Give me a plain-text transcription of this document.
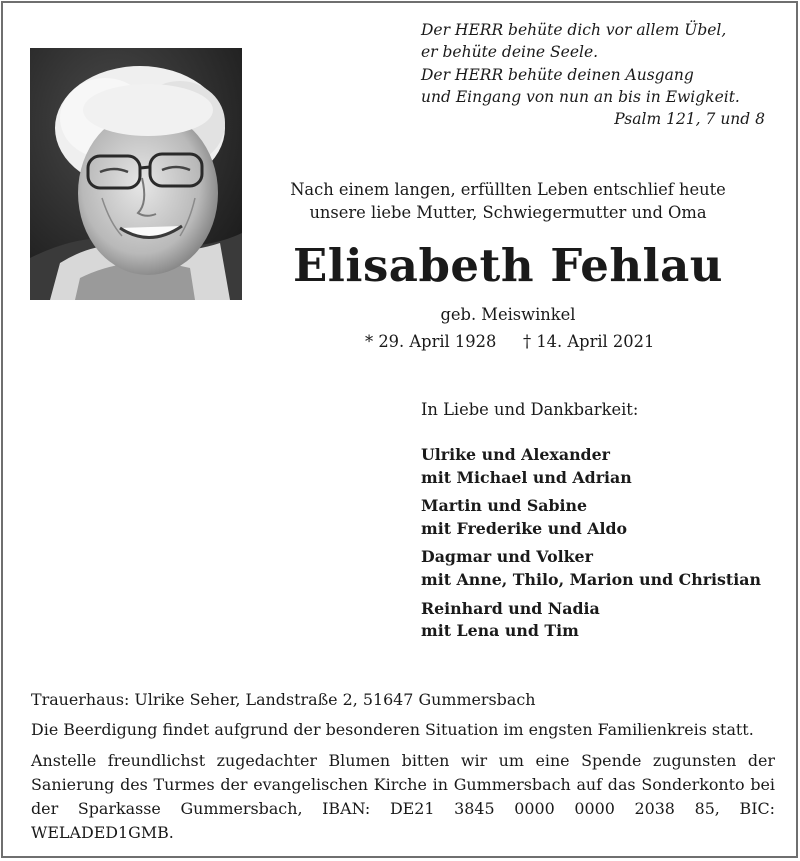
Der HERR behüte dich vor allem Übel,
er behüte deine Seele.
Der HERR behüte deinen Ausgang
und Eingang von nun an bis in Ewigkeit.
Psalm 121, 7 und 8
Nach einem langen, erfüllten Leben entschlief heute
unsere liebe Mutter, Schwiegermutter und Oma
Elisabeth Fehlau
geb. Meiswinkel
* 29. April 1928 † 14. April 2021
In Liebe und Dankbarkeit:
Ulrike und Alexander
mit Michael und Adrian
Martin und Sabine
mit Frederike und Aldo
Dagmar und Volker
mit Anne, Thilo, Marion und Christian
Reinhard und Nadia
mit Lena und Tim

Trauerhaus: Ulrike Seher, Landstraße 2, 51647 Gummersbach

Die Beerdigung findet aufgrund der besonderen Situation im engsten Familienkreis statt.

Anstelle freundlichst zugedachter Blumen bitten wir um eine Spende zugunsten der Sanierung des Turmes der evangelischen Kirche in Gummersbach auf das Sonderkonto bei der Sparkasse Gummersbach, IBAN: DE21 3845 0000 0000 2038 85, BIC: WELADED1GMB.
